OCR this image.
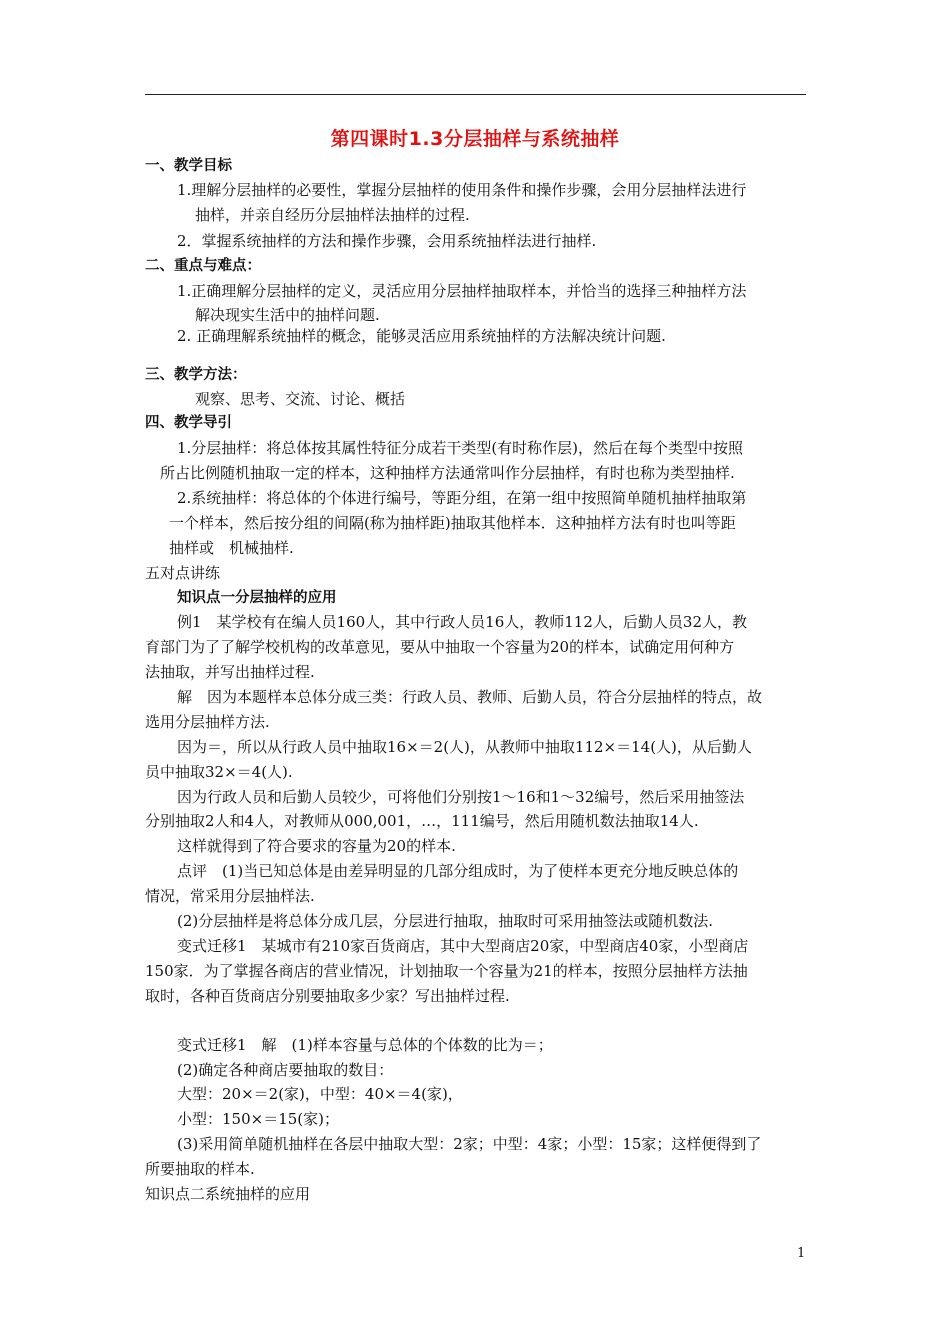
第四课时1.3分层抽样与系统抽样
一、教学目标
1.理解分层抽样的必要性，掌握分层抽样的使用条件和操作步骤，会用分层抽样法进行
抽样，并亲自经历分层抽样法抽样的过程.
2．掌握系统抽样的方法和操作步骤，会用系统抽样法进行抽样.
二、重点与难点：
1.正确理解分层抽样的定义，灵活应用分层抽样抽取样本，并恰当的选择三种抽样方法
解决现实生活中的抽样问题.
2. 正确理解系统抽样的概念，能够灵活应用系统抽样的方法解决统计问题.
三、教学方法：
观察、思考、交流、讨论、概括
四、教学导引
1.分层抽样：将总体按其属性特征分成若干类型(有时称作层)，然后在每个类型中按照
所占比例随机抽取一定的样本，这种抽样方法通常叫作分层抽样，有时也称为类型抽样.
2.系统抽样：将总体的个体进行编号，等距分组，在第一组中按照简单随机抽样抽取第
一个样本，然后按分组的间隔(称为抽样距)抽取其他样本．这种抽样方法有时也叫等距
抽样或　机械抽样.
五对点讲练
知识点一分层抽样的应用
例1　某学校有在编人员160人，其中行政人员16人，教师112人，后勤人员32人，教
育部门为了了解学校机构的改革意见，要从中抽取一个容量为20的样本，试确定用何种方
法抽取，并写出抽样过程.
解　因为本题样本总体分成三类：行政人员、教师、后勤人员，符合分层抽样的特点，故
选用分层抽样方法.
因为＝，所以从行政人员中抽取16×＝2(人)，从教师中抽取112×＝14(人)，从后勤人
员中抽取32×＝4(人).
因为行政人员和后勤人员较少，可将他们分别按1～16和1～32编号，然后采用抽签法
分别抽取2人和4人，对教师从000,001，…，111编号，然后用随机数法抽取14人.
这样就得到了符合要求的容量为20的样本.
点评　(1)当已知总体是由差异明显的几部分组成时，为了使样本更充分地反映总体的
情况，常采用分层抽样法.
(2)分层抽样是将总体分成几层，分层进行抽取，抽取时可采用抽签法或随机数法.
变式迁移1　某城市有210家百货商店，其中大型商店20家，中型商店40家，小型商店
150家．为了掌握各商店的营业情况，计划抽取一个容量为21的样本，按照分层抽样方法抽
取时，各种百货商店分别要抽取多少家？写出抽样过程.
变式迁移1　解　(1)样本容量与总体的个体数的比为＝；
(2)确定各种商店要抽取的数目：
大型：20×＝2(家)，中型：40×＝4(家)，
小型：150×＝15(家)；
(3)采用简单随机抽样在各层中抽取大型：2家；中型：4家；小型：15家；这样便得到了
所要抽取的样本.
知识点二系统抽样的应用
1
